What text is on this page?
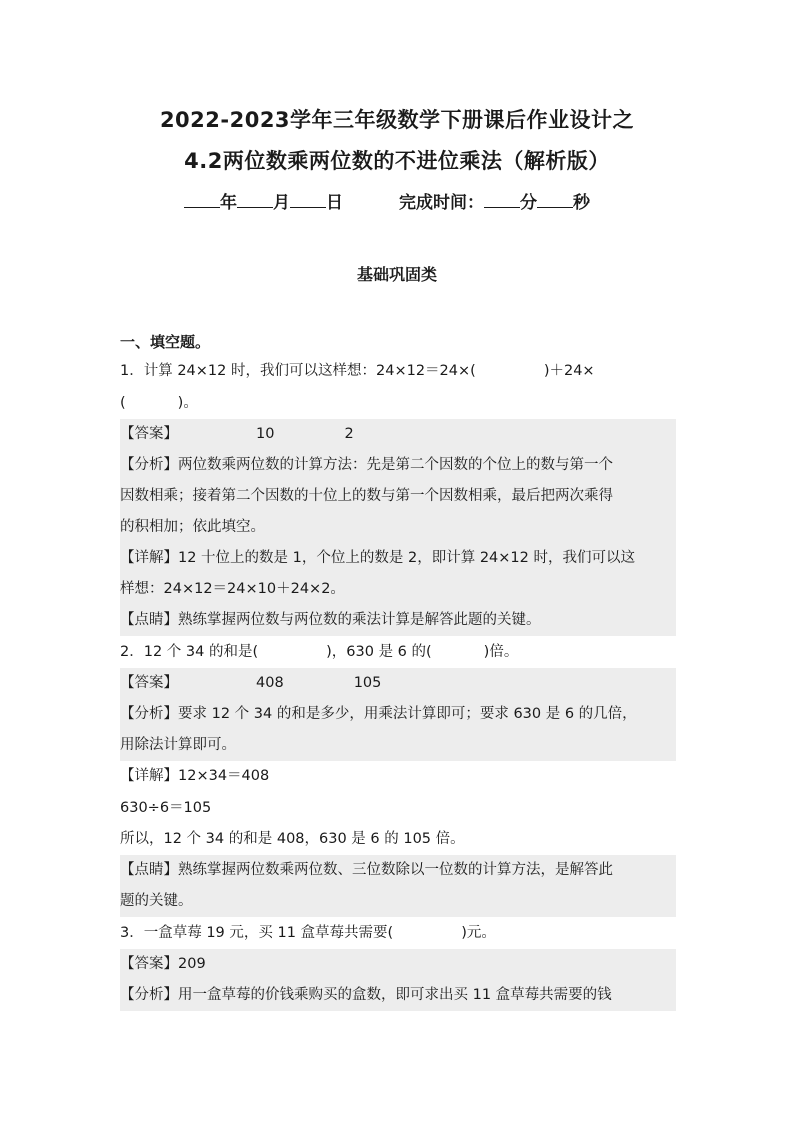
2022-2023学年三年级数学下册课后作业设计之
4.2两位数乘两位数的不进位乘法（解析版）
年 月 日	完成时间： 分 秒
基础巩固类
一、填空题。
1．计算 24×12 时，我们可以这样想：24×12＝24×(	)＋24×
(	)。
【答案】	10	2
【分析】两位数乘两位数的计算方法：先是第二个因数的个位上的数与第一个
因数相乘；接着第二个因数的十位上的数与第一个因数相乘，最后把两次乘得
的积相加；依此填空。
【详解】12 十位上的数是 1，个位上的数是 2，即计算 24×12 时，我们可以这
样想：24×12＝24×10＋24×2。
【点睛】熟练掌握两位数与两位数的乘法计算是解答此题的关键。
2．12 个 34 的和是(	)，630 是 6 的(	)倍。
【答案】	408	105
【分析】要求 12 个 34 的和是多少，用乘法计算即可；要求 630 是 6 的几倍，
用除法计算即可。
【详解】12×34＝408
630÷6＝105
所以，12 个 34 的和是 408，630 是 6 的 105 倍。
【点睛】熟练掌握两位数乘两位数、三位数除以一位数的计算方法，是解答此
题的关键。
3．一盒草莓 19 元，买 11 盒草莓共需要(	)元。
【答案】209
【分析】用一盒草莓的价钱乘购买的盒数，即可求出买 11 盒草莓共需要的钱
